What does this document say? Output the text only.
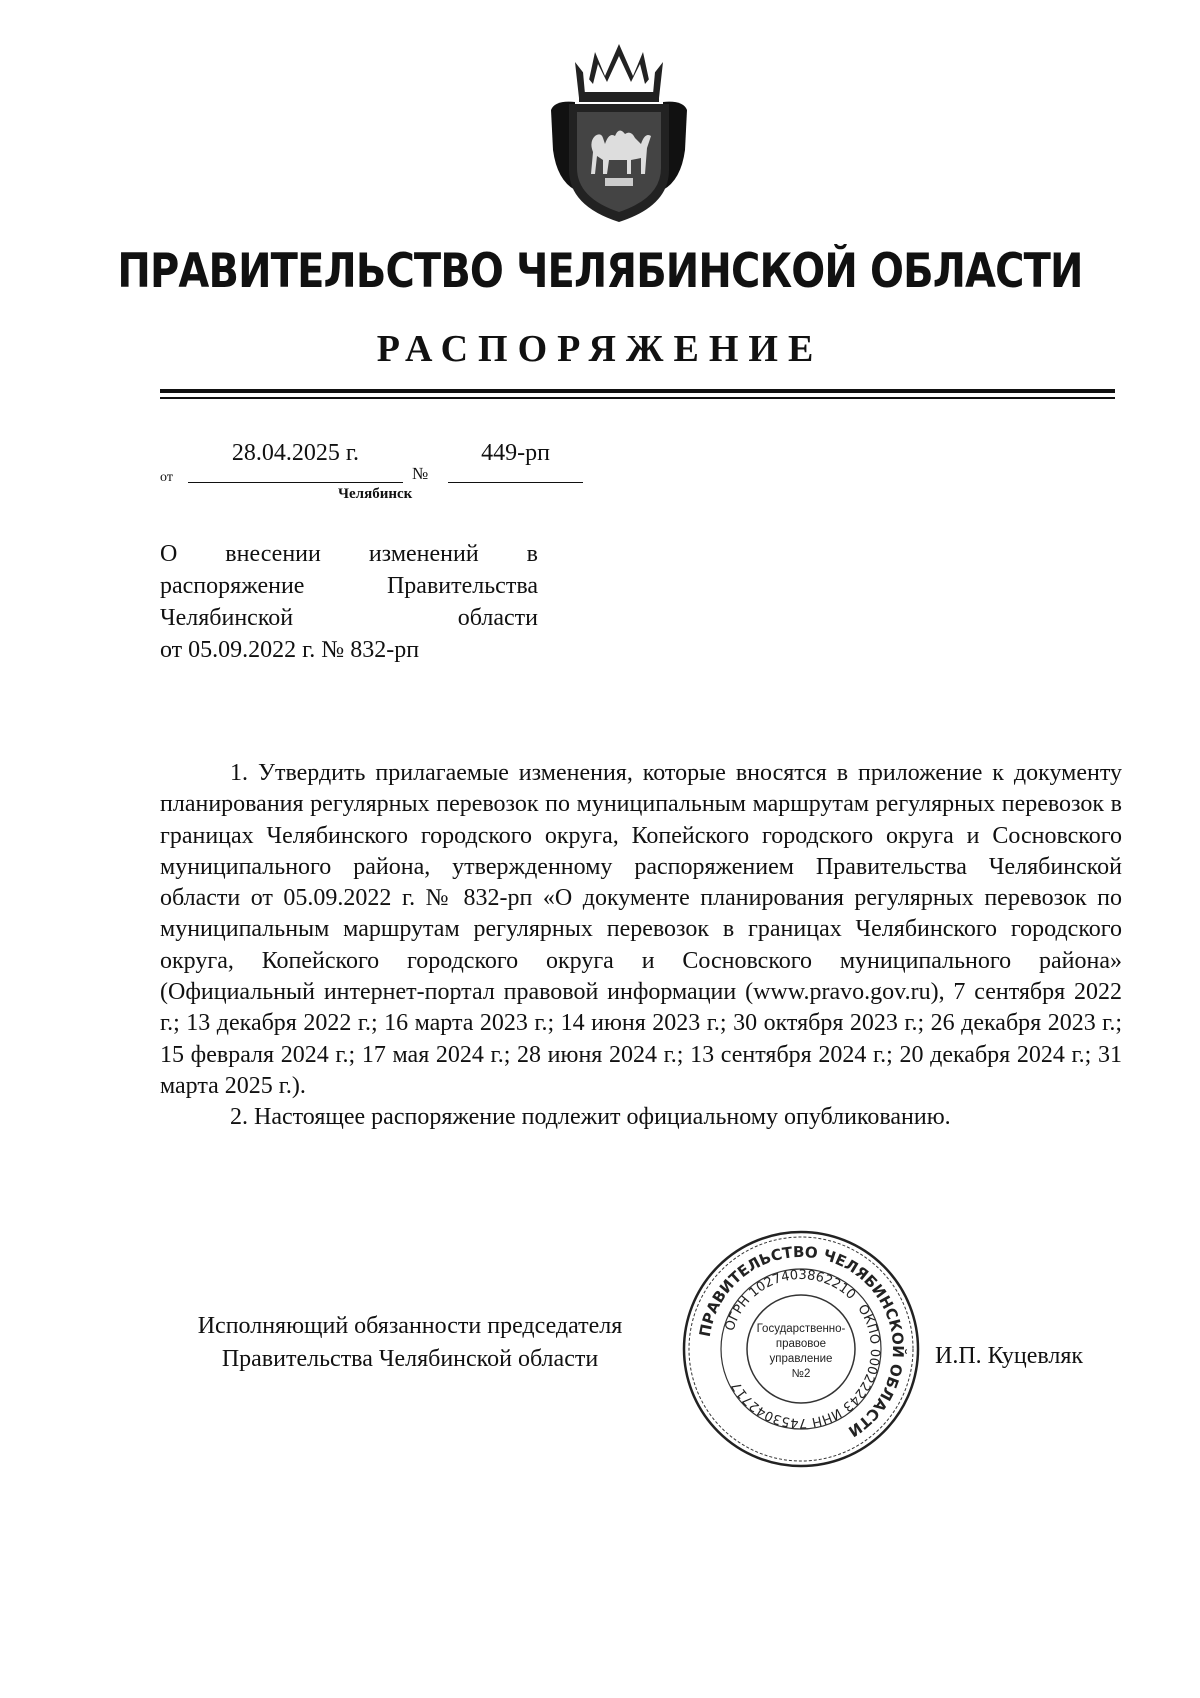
ПРАВИТЕЛЬСТВО ЧЕЛЯБИНСКОЙ ОБЛАСТИ
РАСПОРЯЖЕНИЕ
от
28.04.2025 г.
№
449-рп
Челябинск
О внесении изменений в
распоряжение Правительства
Челябинской области
от 05.09.2022 г. № 832-рп

1. Утвердить прилагаемые изменения, которые вносятся в приложение к документу планирования регулярных перевозок по муниципальным маршрутам регулярных перевозок в границах Челябинского городского округа, Копейского городского округа и Сосновского муниципального района, утвержденному распоряжением Правительства Челябинской области от 05.09.2022 г. № 832-рп «О документе планирования регулярных перевозок по муниципальным маршрутам регулярных перевозок в границах Челябинского городского округа, Копейского городского округа и Сосновского муниципального района» (Официальный интернет-портал правовой информации (www.pravo.gov.ru), 7 сентября 2022 г.; 13 декабря 2022 г.; 16 марта 2023 г.; 14 июня 2023 г.; 30 октября 2023 г.; 26 декабря 2023 г.; 15 февраля 2024 г.; 17 мая 2024 г.; 28 июня 2024 г.; 13 сентября 2024 г.; 20 декабря 2024 г.; 31 марта 2025 г.).

2. Настоящее распоряжение подлежит официальному опубликованию.

Исполняющий обязанности председателя
Правительства Челябинской области
ПРАВИТЕЛЬСТВО ЧЕЛЯБИНСКОЙ ОБЛАСТИ
ОГРН 1027403862210
ОКПО 00022243
ИНН 7453042717
Государственно-
правовое
управление
№2
И.П. Куцевляк
